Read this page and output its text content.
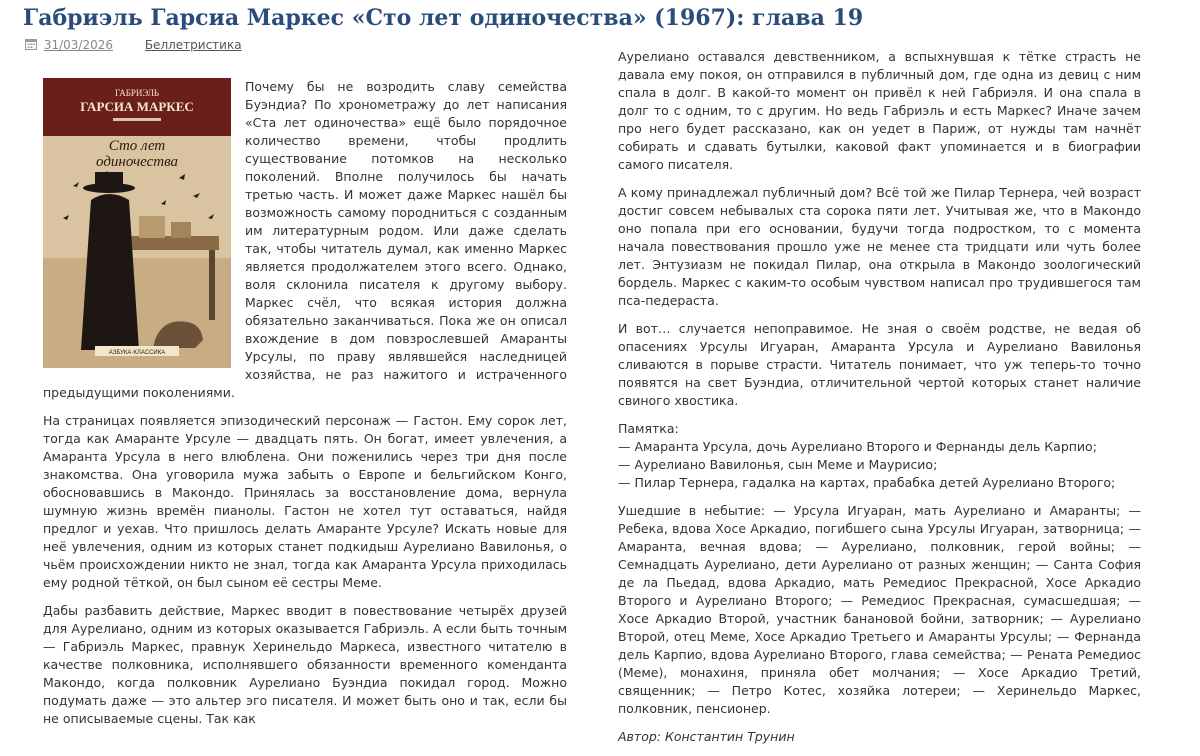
Габриэль Гарсиа Маркес «Сто лет одиночества» (1967): глава 19
31/03/2026	Беллетристика
ГАБРИЭЛЬ
ГАРСИА МАРКЕС
Сто лет
одиночества
АЗБУКА·КЛАССИКА

Почему бы не возродить славу семейства Буэндиа? По хронометражу до лет написания «Ста лет одиночества» ещё было порядочное количество времени, чтобы продлить существование потомков на несколько поколений. Вполне получилось бы начать третью часть. И может даже Маркес нашёл бы возможность самому породниться с созданным им литературным родом. Или даже сделать так, чтобы читатель думал, как именно Маркес является продолжателем этого всего. Однако, воля склонила писателя к другому выбору. Маркес счёл, что всякая история должна обязательно заканчиваться. Пока же он описал вхождение в дом повзрослевшей Амаранты Урсулы, по праву являвшейся наследницей хозяйства, не раз нажитого и истраченного предыдущими поколениями.

На страницах появляется эпизодический персонаж — Гастон. Ему сорок лет, тогда как Амаранте Урсуле — двадцать пять. Он богат, имеет увлечения, а Амаранта Урсула в него влюблена. Они поженились через три дня после знакомства. Она уговорила мужа забыть о Европе и бельгийском Конго, обосновавшись в Макондо. Принялась за восстановление дома, вернула шумную жизнь времён пианолы. Гастон не хотел тут оставаться, найдя предлог и уехав. Что пришлось делать Амаранте Урсуле? Искать новые для неё увлечения, одним из которых станет подкидыш Аурелиано Вавилонья, о чьём происхождении никто не знал, тогда как Амаранта Урсула приходилась ему родной тёткой, он был сыном её сестры Меме.

Дабы разбавить действие, Маркес вводит в повествование четырёх друзей для Аурелиано, одним из которых оказывается Габриэль. А если быть точным — Габриэль Маркес, правнук Херинельдо Маркеса, известного читателю в качестве полковника, исполнявшего обязанности временного коменданта Макондо, когда полковник Аурелиано Буэндиа покидал город. Можно подумать даже — это альтер эго писателя. И может быть оно и так, если бы не описываемые сцены. Так как

Аурелиано оставался девственником, а вспыхнувшая к тётке страсть не давала ему покоя, он отправился в публичный дом, где одна из девиц с ним спала в долг. В какой-то момент он привёл к ней Габриэля. И она спала в долг то с одним, то с другим. Но ведь Габриэль и есть Маркес? Иначе зачем про него будет рассказано, как он уедет в Париж, от нужды там начнёт собирать и сдавать бутылки, каковой факт упоминается и в биографии самого писателя.

А кому принадлежал публичный дом? Всё той же Пилар Тернера, чей возраст достиг совсем небывалых ста сорока пяти лет. Учитывая же, что в Макондо оно попала при его основании, будучи тогда подростком, то с момента начала повествования прошло уже не менее ста тридцати или чуть более лет. Энтузиазм не покидал Пилар, она открыла в Макондо зоологический бордель. Маркес с каким-то особым чувством написал про трудившегося там пса-педераста.

И вот… случается непоправимое. Не зная о своём родстве, не ведая об опасениях Урсулы Игуаран, Амаранта Урсула и Аурелиано Вавилонья сливаются в порыве страсти. Читатель понимает, что уж теперь-то точно появятся на свет Буэндиа, отличительной чертой которых станет наличие свиного хвостика.

Памятка:
— Амаранта Урсула, дочь Аурелиано Второго и Фернанды дель Карпио;
— Аурелиано Вавилонья, сын Меме и Маурисио;
— Пилар Тернера, гадалка на картах, прабабка детей Аурелиано Второго;

Ушедшие в небытие: — Урсула Игуаран, мать Аурелиано и Амаранты; — Ребека, вдова Хосе Аркадио, погибшего сына Урсулы Игуаран, затворница; — Амаранта, вечная вдова; — Аурелиано, полковник, герой войны; — Семнадцать Аурелиано, дети Аурелиано от разных женщин; — Санта София де ла Пьедад, вдова Аркадио, мать Ремедиос Прекрасной, Хосе Аркадио Второго и Аурелиано Второго; — Ремедиос Прекрасная, сумасшедшая; — Хосе Аркадио Второй, участник банановой бойни, затворник; — Аурелиано Второй, отец Меме, Хосе Аркадио Третьего и Амаранты Урсулы; — Фернанда дель Карпио, вдова Аурелиано Второго, глава семейства; — Рената Ремедиос (Меме), монахиня, приняла обет молчания; — Хосе Аркадио Третий, священник; — Петро Котес, хозяйка лотереи; — Херинельдо Маркес, полковник, пенсионер.

Автор: Константин Трунин
